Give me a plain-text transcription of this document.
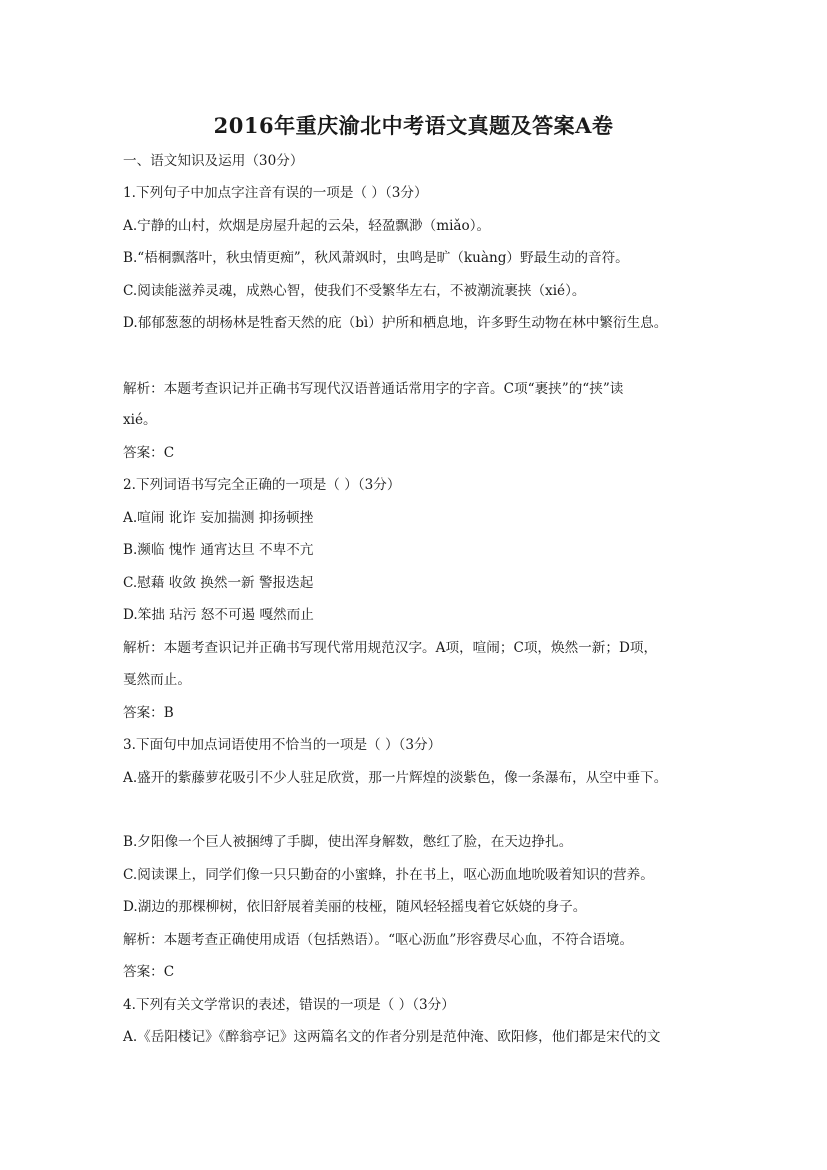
2016年重庆渝北中考语文真题及答案A卷
一、语文知识及运用（30分）
1.下列句子中加点字注音有误的一项是（ ）（3分）
A.宁静的山村，炊烟是房屋升起的云朵，轻盈飘渺（miǎo）。
B.“梧桐飘落叶，秋虫情更痴”，秋风萧飒时，虫鸣是旷（kuàng）野最生动的音符。
C.阅读能滋养灵魂，成熟心智，使我们不受繁华左右，不被潮流裹挟（xié）。
D.郁郁葱葱的胡杨林是牲畜天然的庇（bì）护所和栖息地，许多野生动物在林中繁衍生息。
解析：本题考查识记并正确书写现代汉语普通话常用字的字音。C项“裹挟”的“挟”读
xié。
答案：C
2.下列词语书写完全正确的一项是（ ）（3分）
A.喧闹 讹诈 妄加揣测 抑扬顿挫
B.濒临 愧怍 通宵达旦 不卑不亢
C.慰藉 收敛 换然一新 警报迭起
D.笨拙 玷污 怒不可遏 嘎然而止
解析：本题考查识记并正确书写现代常用规范汉字。A项，喧闹；C项，焕然一新；D项，
戛然而止。
答案：B
3.下面句中加点词语使用不恰当的一项是（ ）（3分）
A.盛开的紫藤萝花吸引不少人驻足欣赏，那一片辉煌的淡紫色，像一条瀑布，从空中垂下。
B.夕阳像一个巨人被捆缚了手脚，使出浑身解数，憋红了脸，在天边挣扎。
C.阅读课上，同学们像一只只勤奋的小蜜蜂，扑在书上，呕心沥血地吮吸着知识的营养。
D.湖边的那棵柳树，依旧舒展着美丽的枝桠，随风轻轻摇曳着它妖娆的身子。
解析：本题考查正确使用成语（包括熟语）。“呕心沥血”形容费尽心血，不符合语境。
答案：C
4.下列有关文学常识的表述，错误的一项是（ ）（3分）
A.《岳阳楼记》《醉翁亭记》这两篇名文的作者分别是范仲淹、欧阳修，他们都是宋代的文
